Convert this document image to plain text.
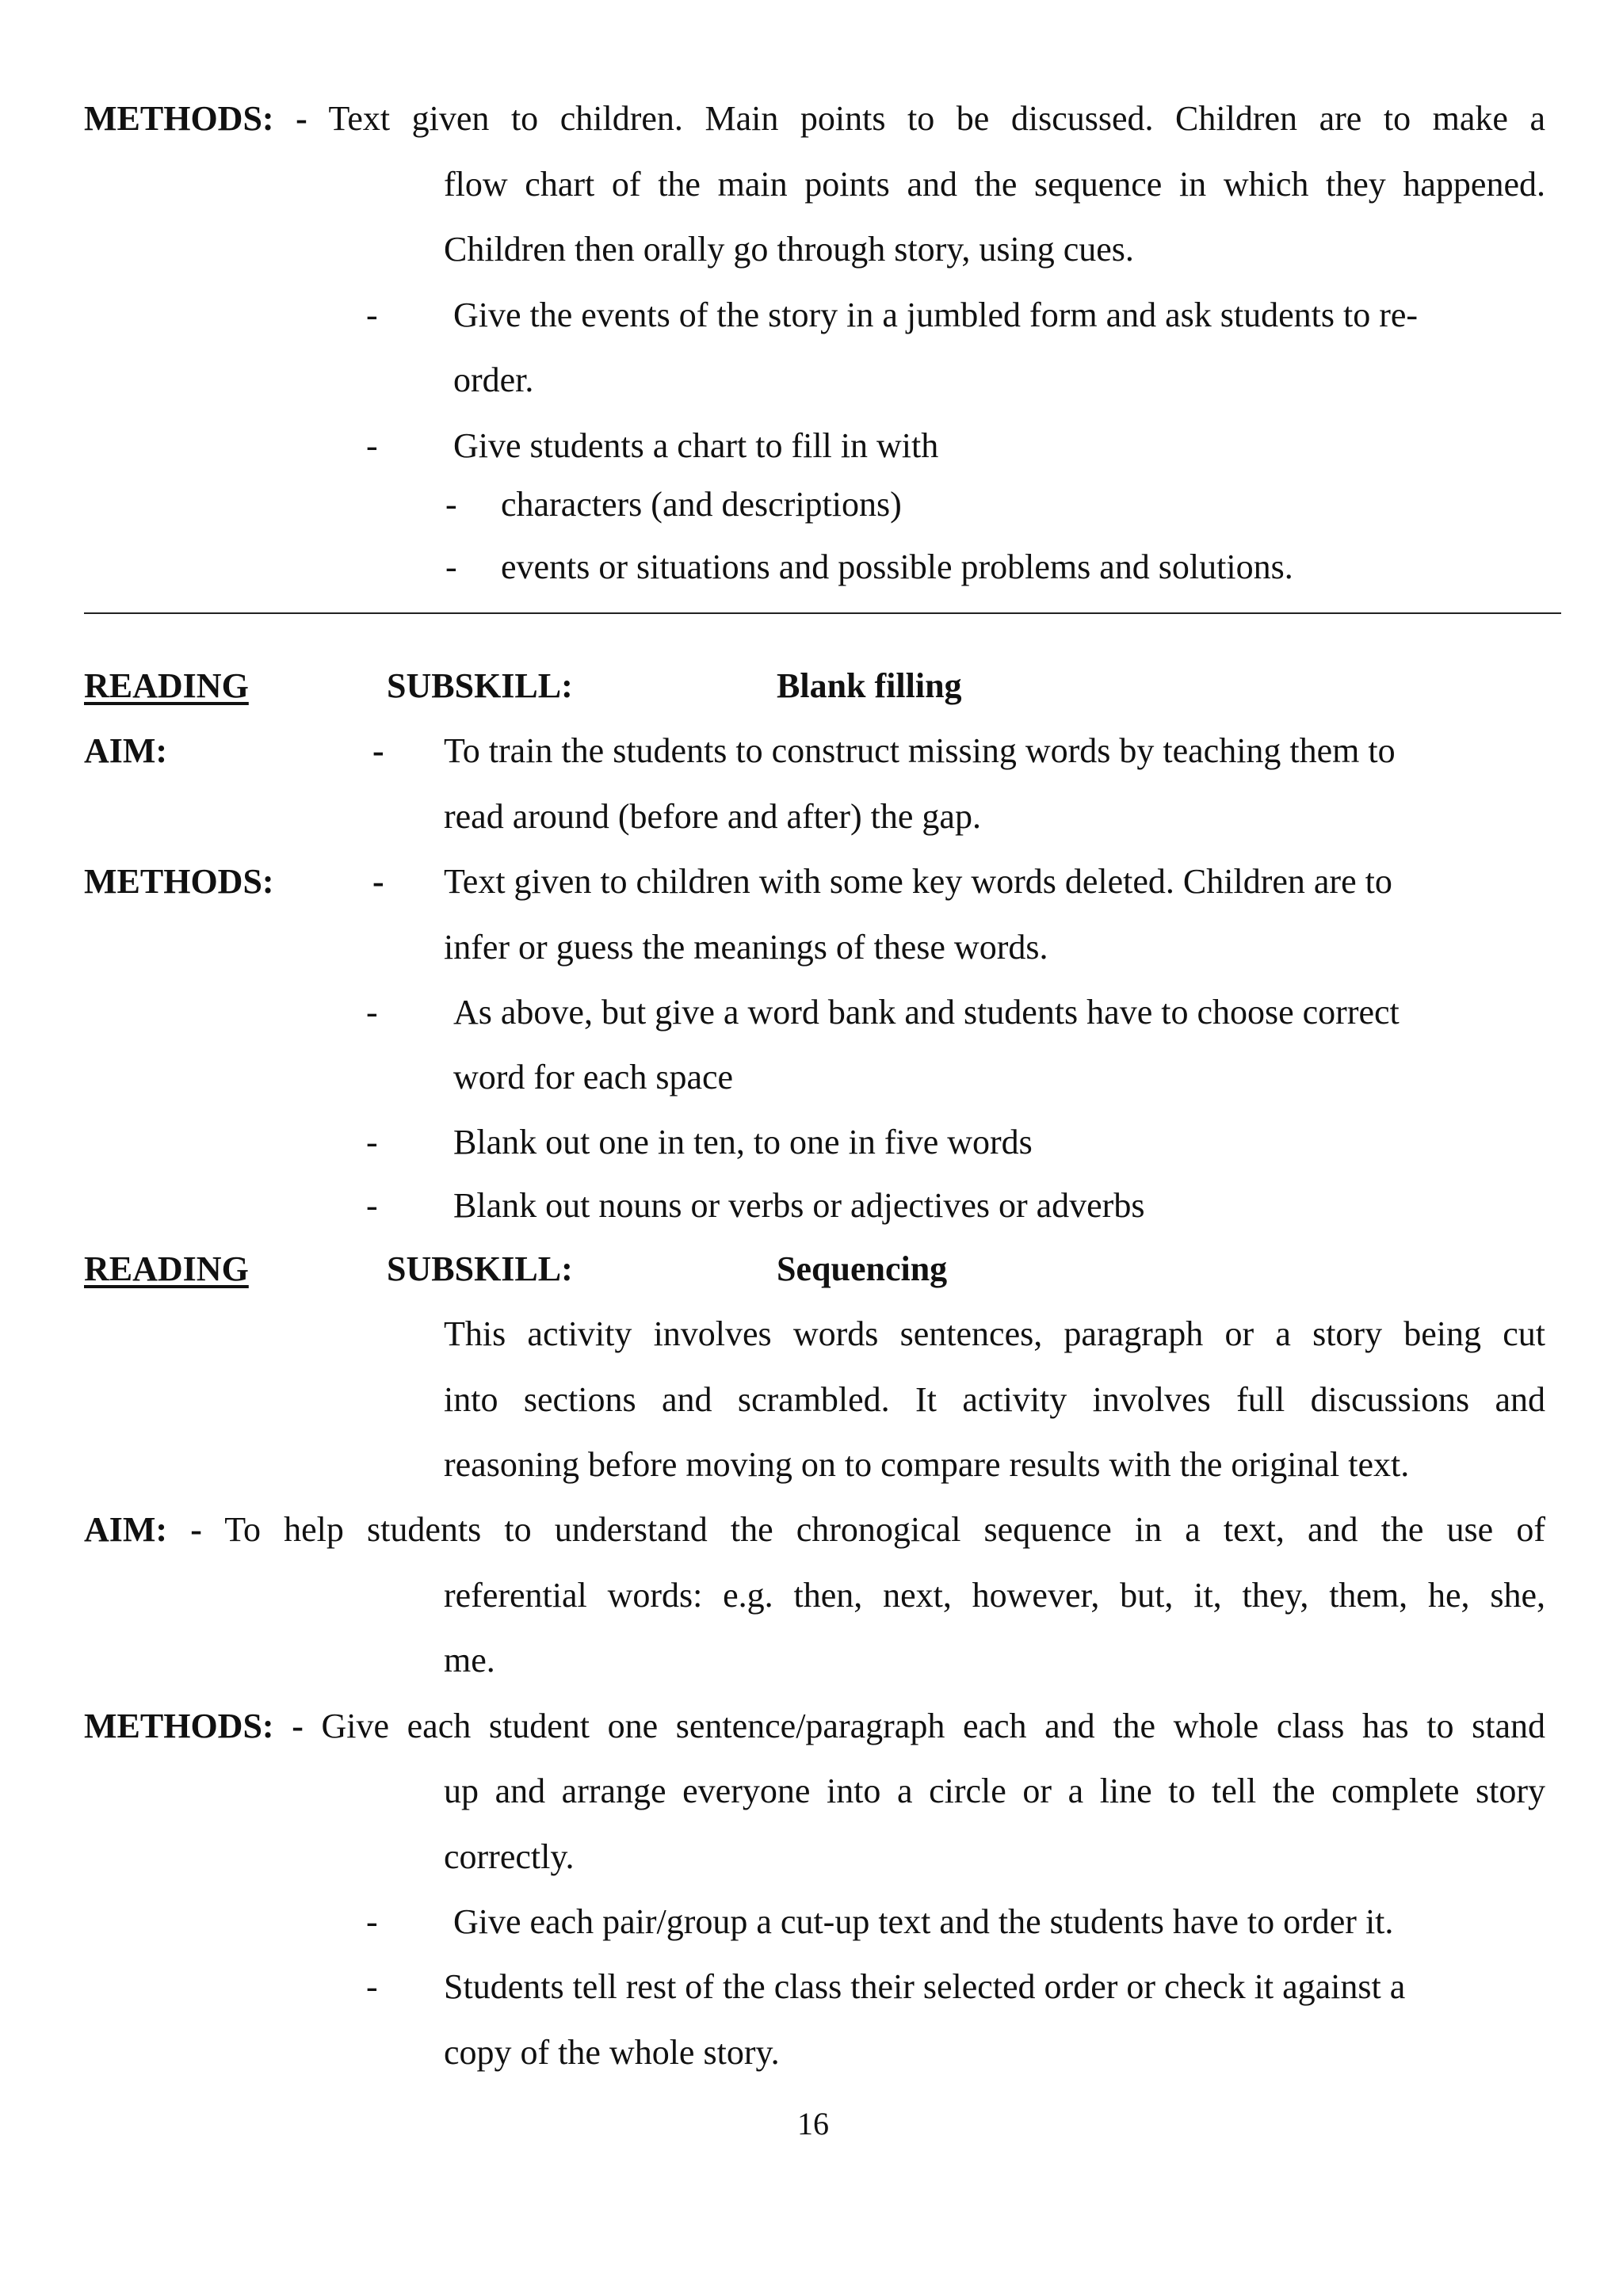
METHODS: - Text given to children. Main points to be discussed. Children are to make a

flow chart of the main points and the sequence in which they happened.

Children then orally go through story, using cues.

- Give the events of the story in a jumbled form and ask students to re-

order.

- Give students a chart to fill in with

- characters (and descriptions)

- events or situations and possible problems and solutions.

READING	SUBSKILL:	Blank filling

AIM:	- To train the students to construct missing words by teaching them to

read around (before and after) the gap.

METHODS:	- Text given to children with some key words deleted. Children are to

infer or guess the meanings of these words.

- As above, but give a word bank and students have to choose correct

word for each space

- Blank out one in ten, to one in five words

- Blank out nouns or verbs or adjectives or adverbs

READING	SUBSKILL:	Sequencing

This activity involves words sentences, paragraph or a story being cut

into sections and scrambled. It activity involves full discussions and

reasoning before moving on to compare results with the original text.

AIM: - To help students to understand the chronogical sequence in a text, and the use of

referential words: e.g. then, next, however, but, it, they, them, he, she,

me.

METHODS: - Give each student one sentence/paragraph each and the whole class has to stand

up and arrange everyone into a circle or a line to tell the complete story

correctly.

- Give each pair/group a cut-up text and the students have to order it.

- Students tell rest of the class their selected order or check it against a

copy of the whole story.

16
